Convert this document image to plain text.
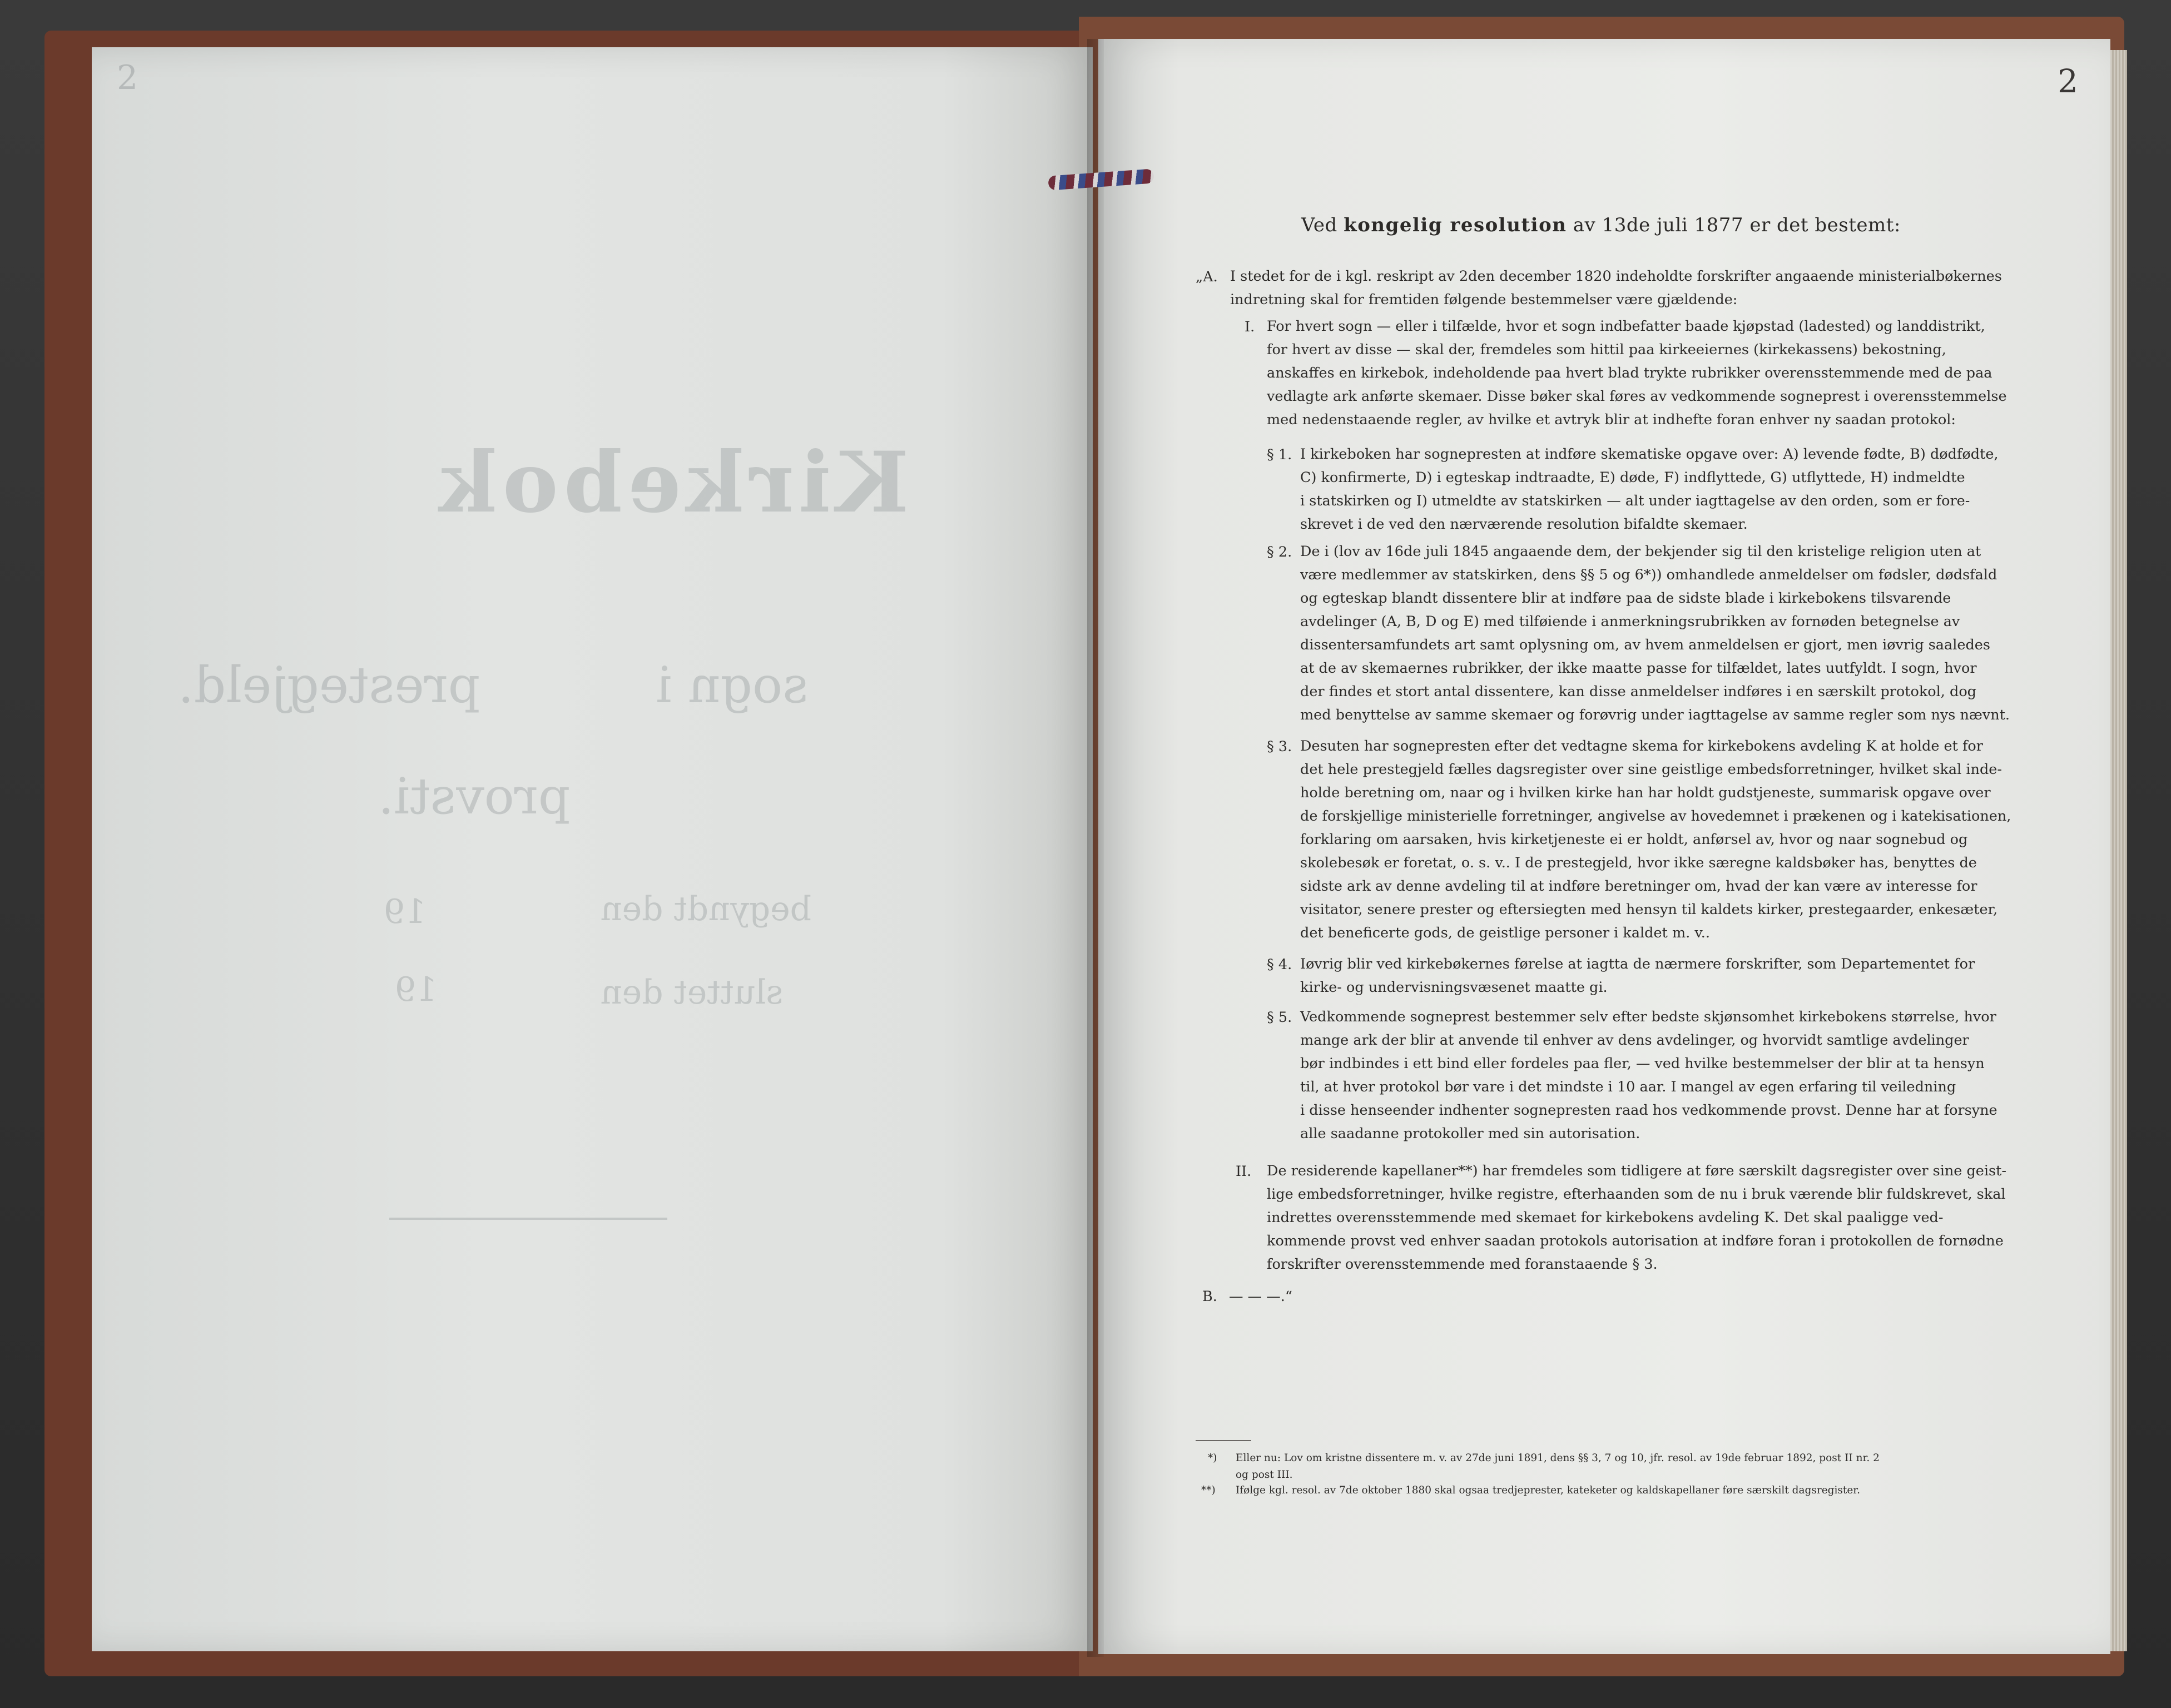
2
Kirkebok
sogn i
prestegjeld.
provsti.
begyndt den
sluttet den
19
19
2
Ved kongelig resolution av 13de juli 1877 er det bestemt:
„A. I stedet for de i kgl. reskript av 2den december 1820 indeholdte forskrifter angaaende ministerialbøkernes
indretning skal for fremtiden følgende bestemmelser være gjældende:
I. For hvert sogn — eller i tilfælde, hvor et sogn indbefatter baade kjøpstad (ladested) og landdistrikt,
for hvert av disse — skal der, fremdeles som hittil paa kirkeeiernes (kirkekassens) bekostning,
anskaffes en kirkebok, indeholdende paa hvert blad trykte rubrikker overensstemmende med de paa
vedlagte ark anførte skemaer. Disse bøker skal føres av vedkommende sogneprest i overensstemmelse
med nedenstaaende regler, av hvilke et avtryk blir at indhefte foran enhver ny saadan protokol:
§ 1. I kirkeboken har sognepresten at indføre skematiske opgave over: A) levende fødte, B) dødfødte,
C) konfirmerte, D) i egteskap indtraadte, E) døde, F) indflyttede, G) utflyttede, H) indmeldte
i statskirken og I) utmeldte av statskirken — alt under iagttagelse av den orden, som er fore-
skrevet i de ved den nærværende resolution bifaldte skemaer.
§ 2. De i (lov av 16de juli 1845 angaaende dem, der bekjender sig til den kristelige religion uten at
være medlemmer av statskirken, dens §§ 5 og 6*)) omhandlede anmeldelser om fødsler, dødsfald
og egteskap blandt dissentere blir at indføre paa de sidste blade i kirkebokens tilsvarende
avdelinger (A, B, D og E) med tilføiende i anmerkningsrubrikken av fornøden betegnelse av
dissentersamfundets art samt oplysning om, av hvem anmeldelsen er gjort, men iøvrig saaledes
at de av skemaernes rubrikker, der ikke maatte passe for tilfældet, lates uutfyldt. I sogn, hvor
der findes et stort antal dissentere, kan disse anmeldelser indføres i en særskilt protokol, dog
med benyttelse av samme skemaer og forøvrig under iagttagelse av samme regler som nys nævnt.
§ 3. Desuten har sognepresten efter det vedtagne skema for kirkebokens avdeling K at holde et for
det hele prestegjeld fælles dagsregister over sine geistlige embedsforretninger, hvilket skal inde-
holde beretning om, naar og i hvilken kirke han har holdt gudstjeneste, summarisk opgave over
de forskjellige ministerielle forretninger, angivelse av hovedemnet i prækenen og i katekisationen,
forklaring om aarsaken, hvis kirketjeneste ei er holdt, anførsel av, hvor og naar sognebud og
skolebesøk er foretat, o. s. v.. I de prestegjeld, hvor ikke særegne kaldsbøker has, benyttes de
sidste ark av denne avdeling til at indføre beretninger om, hvad der kan være av interesse for
visitator, senere prester og eftersiegten med hensyn til kaldets kirker, prestegaarder, enkesæter,
det beneficerte gods, de geistlige personer i kaldet m. v..
§ 4. Iøvrig blir ved kirkebøkernes førelse at iagtta de nærmere forskrifter, som Departementet for
kirke- og undervisningsvæsenet maatte gi.
§ 5. Vedkommende sogneprest bestemmer selv efter bedste skjønsomhet kirkebokens størrelse, hvor
mange ark der blir at anvende til enhver av dens avdelinger, og hvorvidt samtlige avdelinger
bør indbindes i ett bind eller fordeles paa fler, — ved hvilke bestemmelser der blir at ta hensyn
til, at hver protokol bør vare i det mindste i 10 aar. I mangel av egen erfaring til veiledning
i disse henseender indhenter sognepresten raad hos vedkommende provst. Denne har at forsyne
alle saadanne protokoller med sin autorisation.
II. De residerende kapellaner**) har fremdeles som tidligere at føre særskilt dagsregister over sine geist-
lige embedsforretninger, hvilke registre, efterhaanden som de nu i bruk værende blir fuldskrevet, skal
indrettes overensstemmende med skemaet for kirkebokens avdeling K. Det skal paaligge ved-
kommende provst ved enhver saadan protokols autorisation at indføre foran i protokollen de fornødne
forskrifter overensstemmende med foranstaaende § 3.
B. — — —.“
*) Eller nu: Lov om kristne dissentere m. v. av 27de juni 1891, dens §§ 3, 7 og 10, jfr. resol. av 19de februar 1892, post II nr. 2
og post III.
**) Ifølge kgl. resol. av 7de oktober 1880 skal ogsaa tredjeprester, kateketer og kaldskapellaner føre særskilt dagsregister.
